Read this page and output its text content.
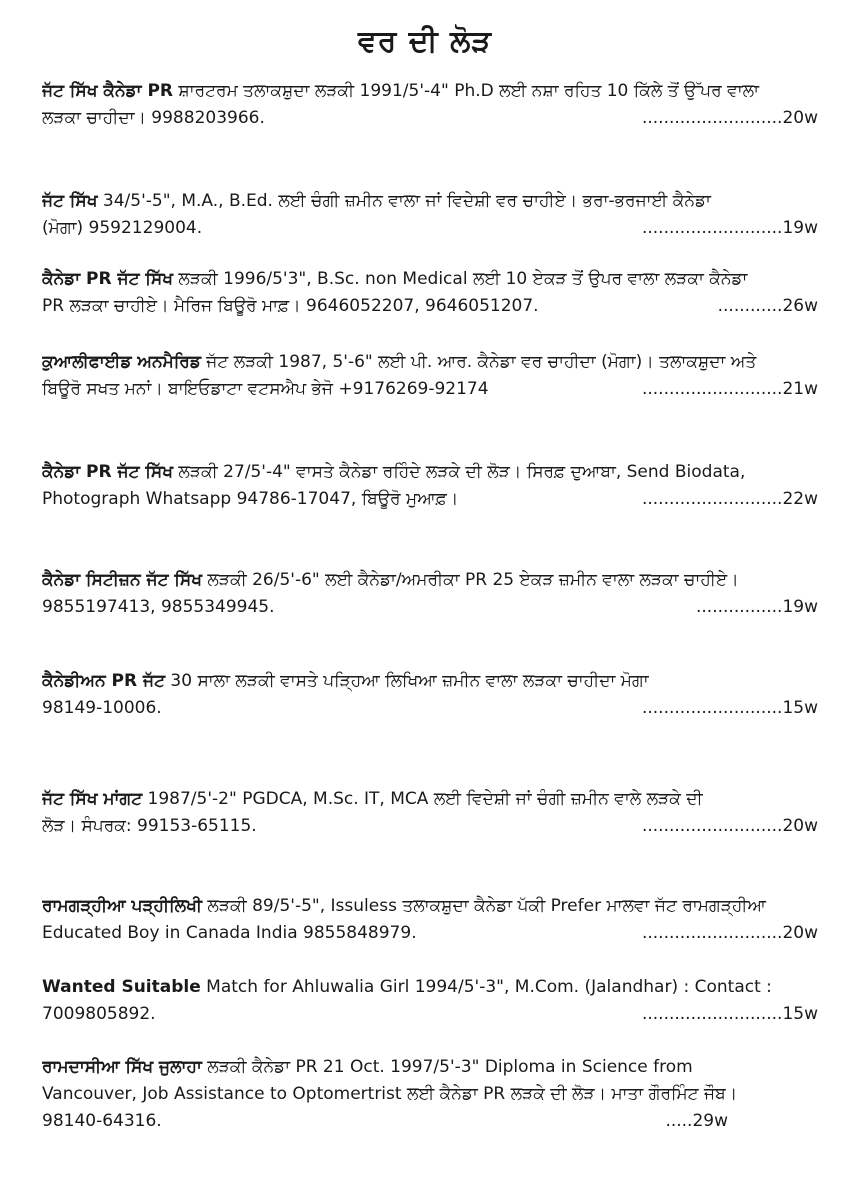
ਵਰ ਦੀ ਲੋੜ
ਜੱਟ ਸਿੱਖ ਕੈਨੇਡਾ PR ਸ਼ਾਰਟਰਮ ਤਲਾਕਸ਼ੁਦਾ ਲੜਕੀ 1991/5'-4" Ph.D ਲਈ ਨਸ਼ਾ ਰਹਿਤ 10 ਕਿੱਲੇ ਤੋਂ ਉੱਪਰ ਵਾਲਾ
ਲੜਕਾ ਚਾਹੀਦਾ। 9988203966.	..........................20w
ਜੱਟ ਸਿੱਖ 34/5'-5", M.A., B.Ed. ਲਈ ਚੰਗੀ ਜ਼ਮੀਨ ਵਾਲਾ ਜਾਂ ਵਿਦੇਸ਼ੀ ਵਰ ਚਾਹੀਏ। ਭਰਾ-ਭਰਜਾਈ ਕੈਨੇਡਾ
(ਮੋਗਾ) 9592129004.	..........................19w
ਕੈਨੇਡਾ PR ਜੱਟ ਸਿੱਖ ਲੜਕੀ 1996/5'3", B.Sc. non Medical ਲਈ 10 ਏਕੜ ਤੋਂ ਉਪਰ ਵਾਲਾ ਲੜਕਾ ਕੈਨੇਡਾ
PR ਲੜਕਾ ਚਾਹੀਏ। ਮੈਰਿਜ ਬਿਊਰੋ ਮਾਫ਼। 9646052207, 9646051207.	............26w
ਕੁਆਲੀਫਾਈਡ ਅਨਮੈਰਿਡ ਜੱਟ ਲੜਕੀ 1987, 5'-6" ਲਈ ਪੀ. ਆਰ. ਕੈਨੇਡਾ ਵਰ ਚਾਹੀਦਾ (ਮੋਗਾ)। ਤਲਾਕਸ਼ੁਦਾ ਅਤੇ
ਬਿਊਰੋ ਸਖਤ ਮਨਾਂ। ਬਾਇਓਡਾਟਾ ਵਟਸਐਪ ਭੇਜੋ +9176269-92174	..........................21w
ਕੈਨੇਡਾ PR ਜੱਟ ਸਿੱਖ ਲੜਕੀ 27/5'-4" ਵਾਸਤੇ ਕੈਨੇਡਾ ਰਹਿੰਦੇ ਲੜਕੇ ਦੀ ਲੋੜ। ਸਿਰਫ਼ ਦੁਆਬਾ, Send Biodata,
Photograph Whatsapp 94786-17047, ਬਿਊਰੋ ਮੁਆਫ਼।	..........................22w
ਕੈਨੇਡਾ ਸਿਟੀਜ਼ਨ ਜੱਟ ਸਿੱਖ ਲੜਕੀ 26/5'-6" ਲਈ ਕੈਨੇਡਾ/ਅਮਰੀਕਾ PR 25 ਏਕੜ ਜ਼ਮੀਨ ਵਾਲਾ ਲੜਕਾ ਚਾਹੀਏ।
9855197413, 9855349945.	................19w
ਕੈਨੇਡੀਅਨ PR ਜੱਟ 30 ਸਾਲਾ ਲੜਕੀ ਵਾਸਤੇ ਪੜ੍ਹਿਆ ਲਿਖਿਆ ਜ਼ਮੀਨ ਵਾਲਾ ਲੜਕਾ ਚਾਹੀਦਾ ਮੋਗਾ
98149-10006.	..........................15w
ਜੱਟ ਸਿੱਖ ਮਾਂਗਟ 1987/5'-2" PGDCA, M.Sc. IT, MCA ਲਈ ਵਿਦੇਸ਼ੀ ਜਾਂ ਚੰਗੀ ਜ਼ਮੀਨ ਵਾਲੇ ਲੜਕੇ ਦੀ
ਲੋੜ। ਸੰਪਰਕ: 99153-65115.	..........................20w
ਰਾਮਗੜ੍ਹੀਆ ਪੜ੍ਹੀਲਿਖੀ ਲੜਕੀ 89/5'-5", Issuless ਤਲਾਕਸ਼ੁਦਾ ਕੈਨੇਡਾ ਪੱਕੀ Prefer ਮਾਲਵਾ ਜੱਟ ਰਾਮਗੜ੍ਹੀਆ
Educated Boy in Canada India 9855848979.	..........................20w
Wanted Suitable Match for Ahluwalia Girl 1994/5'-3", M.Com. (Jalandhar) : Contact :
7009805892.	..........................15w
ਰਾਮਦਾਸੀਆ ਸਿੱਖ ਜੁਲਾਹਾ ਲੜਕੀ ਕੈਨੇਡਾ PR 21 Oct. 1997/5'-3" Diploma in Science from
Vancouver, Job Assistance to Optomertrist ਲਈ ਕੈਨੇਡਾ PR ਲੜਕੇ ਦੀ ਲੋੜ। ਮਾਤਾ ਗੌਰਮਿੰਟ ਜੌਬ।
98140-64316.	.....29w
